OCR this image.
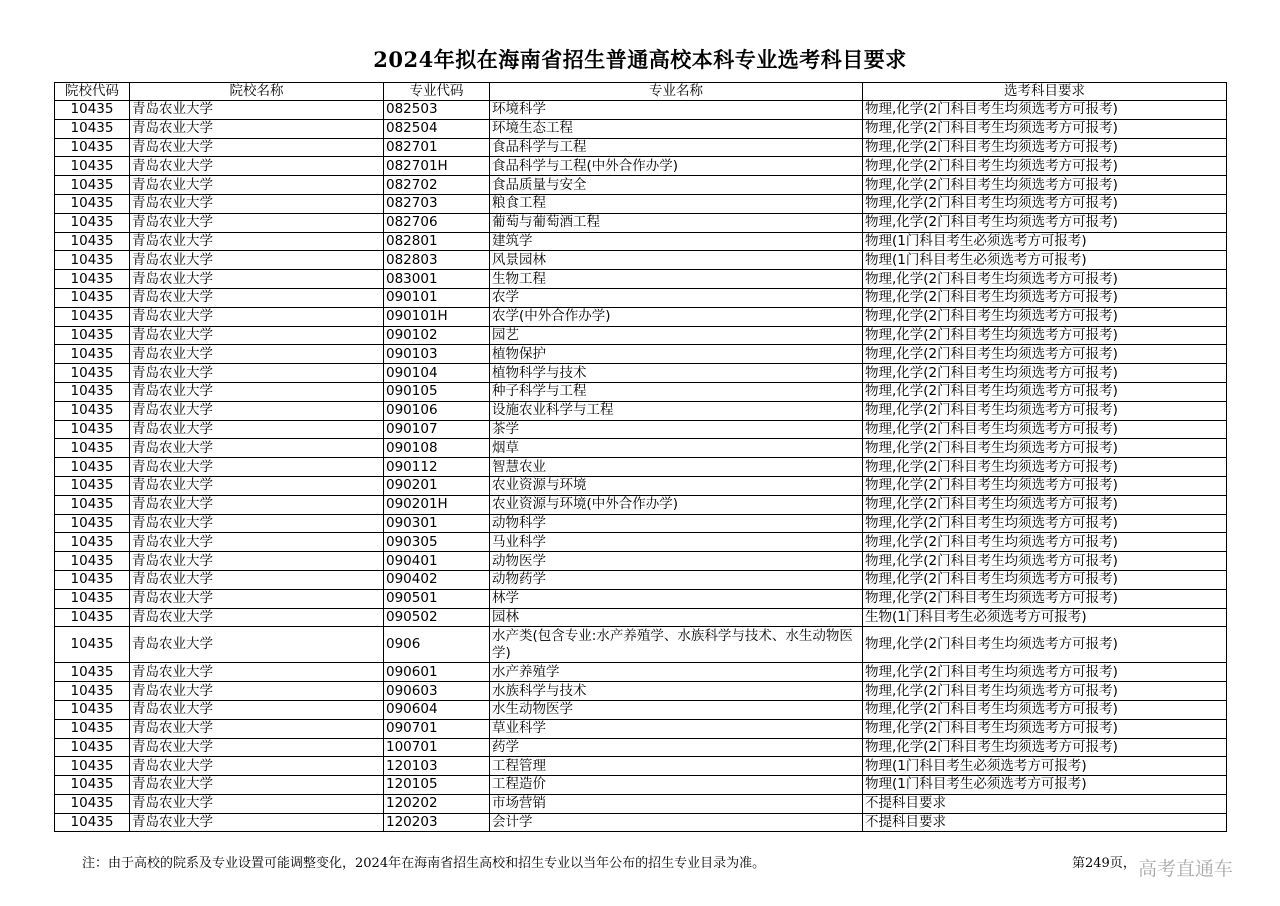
2024年拟在海南省招生普通高校本科专业选考科目要求
院校代码	院校名称	专业代码	专业名称	选考科目要求
10435	青岛农业大学	082503	环境科学	物理,化学(2门科目考生均须选考方可报考)
10435	青岛农业大学	082504	环境生态工程	物理,化学(2门科目考生均须选考方可报考)
10435	青岛农业大学	082701	食品科学与工程	物理,化学(2门科目考生均须选考方可报考)
10435	青岛农业大学	082701H	食品科学与工程(中外合作办学)	物理,化学(2门科目考生均须选考方可报考)
10435	青岛农业大学	082702	食品质量与安全	物理,化学(2门科目考生均须选考方可报考)
10435	青岛农业大学	082703	粮食工程	物理,化学(2门科目考生均须选考方可报考)
10435	青岛农业大学	082706	葡萄与葡萄酒工程	物理,化学(2门科目考生均须选考方可报考)
10435	青岛农业大学	082801	建筑学	物理(1门科目考生必须选考方可报考)
10435	青岛农业大学	082803	风景园林	物理(1门科目考生必须选考方可报考)
10435	青岛农业大学	083001	生物工程	物理,化学(2门科目考生均须选考方可报考)
10435	青岛农业大学	090101	农学	物理,化学(2门科目考生均须选考方可报考)
10435	青岛农业大学	090101H	农学(中外合作办学)	物理,化学(2门科目考生均须选考方可报考)
10435	青岛农业大学	090102	园艺	物理,化学(2门科目考生均须选考方可报考)
10435	青岛农业大学	090103	植物保护	物理,化学(2门科目考生均须选考方可报考)
10435	青岛农业大学	090104	植物科学与技术	物理,化学(2门科目考生均须选考方可报考)
10435	青岛农业大学	090105	种子科学与工程	物理,化学(2门科目考生均须选考方可报考)
10435	青岛农业大学	090106	设施农业科学与工程	物理,化学(2门科目考生均须选考方可报考)
10435	青岛农业大学	090107	茶学	物理,化学(2门科目考生均须选考方可报考)
10435	青岛农业大学	090108	烟草	物理,化学(2门科目考生均须选考方可报考)
10435	青岛农业大学	090112	智慧农业	物理,化学(2门科目考生均须选考方可报考)
10435	青岛农业大学	090201	农业资源与环境	物理,化学(2门科目考生均须选考方可报考)
10435	青岛农业大学	090201H	农业资源与环境(中外合作办学)	物理,化学(2门科目考生均须选考方可报考)
10435	青岛农业大学	090301	动物科学	物理,化学(2门科目考生均须选考方可报考)
10435	青岛农业大学	090305	马业科学	物理,化学(2门科目考生均须选考方可报考)
10435	青岛农业大学	090401	动物医学	物理,化学(2门科目考生均须选考方可报考)
10435	青岛农业大学	090402	动物药学	物理,化学(2门科目考生均须选考方可报考)
10435	青岛农业大学	090501	林学	物理,化学(2门科目考生均须选考方可报考)
10435	青岛农业大学	090502	园林	生物(1门科目考生必须选考方可报考)
10435	青岛农业大学	0906	水产类(包含专业:水产养殖学、水族科学与技术、水生动物医学)	物理,化学(2门科目考生均须选考方可报考)
10435	青岛农业大学	090601	水产养殖学	物理,化学(2门科目考生均须选考方可报考)
10435	青岛农业大学	090603	水族科学与技术	物理,化学(2门科目考生均须选考方可报考)
10435	青岛农业大学	090604	水生动物医学	物理,化学(2门科目考生均须选考方可报考)
10435	青岛农业大学	090701	草业科学	物理,化学(2门科目考生均须选考方可报考)
10435	青岛农业大学	100701	药学	物理,化学(2门科目考生均须选考方可报考)
10435	青岛农业大学	120103	工程管理	物理(1门科目考生必须选考方可报考)
10435	青岛农业大学	120105	工程造价	物理(1门科目考生必须选考方可报考)
10435	青岛农业大学	120202	市场营销	不提科目要求
10435	青岛农业大学	120203	会计学	不提科目要求
注：由于高校的院系及专业设置可能调整变化，2024年在海南省招生高校和招生专业以当年公布的招生专业目录为准。	第249页， 高考直通车
